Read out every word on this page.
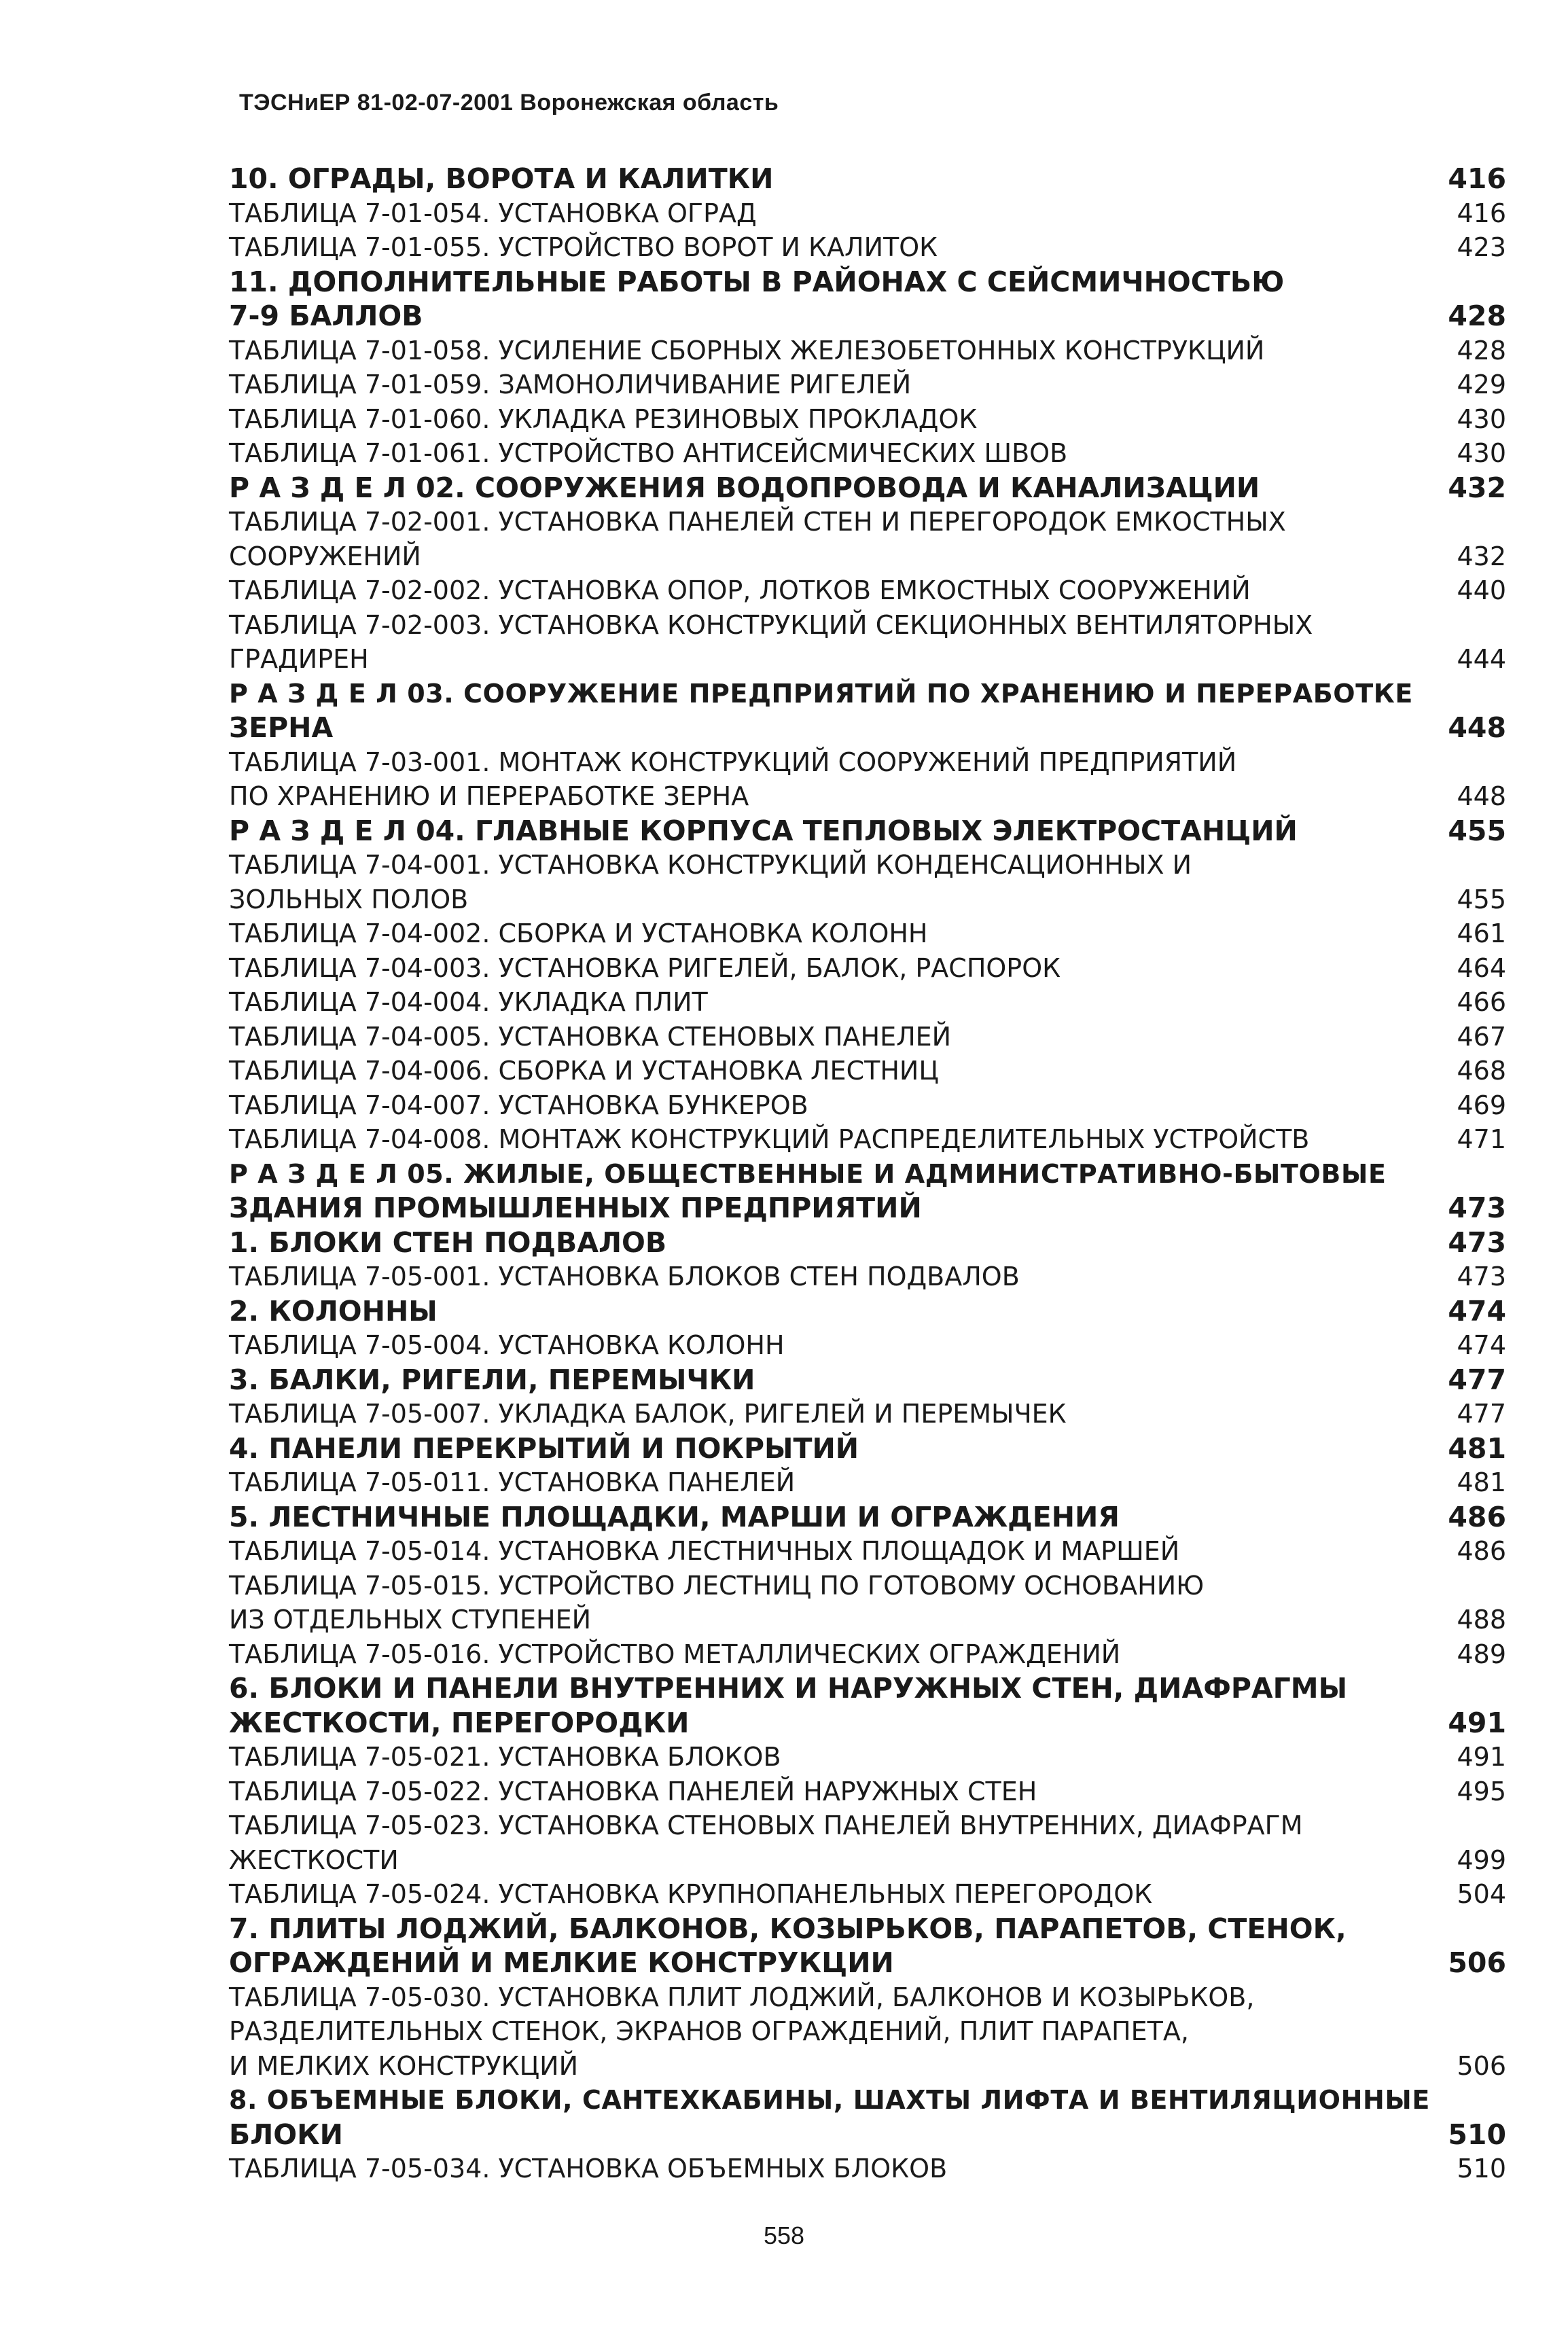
ТЭСНиЕР 81-02-07-2001 Воронежская область
10. ОГРАДЫ, ВОРОТА И КАЛИТКИ	416
ТАБЛИЦА 7-01-054. УСТАНОВКА ОГРАД	416
ТАБЛИЦА 7-01-055. УСТРОЙСТВО ВОРОТ И КАЛИТОК	423
11. ДОПОЛНИТЕЛЬНЫЕ РАБОТЫ В РАЙОНАХ С СЕЙСМИЧНОСТЬЮ
7-9 БАЛЛОВ	428
ТАБЛИЦА 7-01-058. УСИЛЕНИЕ СБОРНЫХ ЖЕЛЕЗОБЕТОННЫХ КОНСТРУКЦИЙ	428
ТАБЛИЦА 7-01-059. ЗАМОНОЛИЧИВАНИЕ РИГЕЛЕЙ	429
ТАБЛИЦА 7-01-060. УКЛАДКА РЕЗИНОВЫХ ПРОКЛАДОК	430
ТАБЛИЦА 7-01-061. УСТРОЙСТВО АНТИСЕЙСМИЧЕСКИХ ШВОВ	430
Р А З Д Е Л 02. СООРУЖЕНИЯ ВОДОПРОВОДА И КАНАЛИЗАЦИИ	432
ТАБЛИЦА 7-02-001. УСТАНОВКА ПАНЕЛЕЙ СТЕН И ПЕРЕГОРОДОК ЕМКОСТНЫХ
СООРУЖЕНИЙ	432
ТАБЛИЦА 7-02-002. УСТАНОВКА ОПОР, ЛОТКОВ ЕМКОСТНЫХ СООРУЖЕНИЙ	440
ТАБЛИЦА 7-02-003. УСТАНОВКА КОНСТРУКЦИЙ СЕКЦИОННЫХ ВЕНТИЛЯТОРНЫХ
ГРАДИРЕН	444
Р А З Д Е Л 03. СООРУЖЕНИЕ ПРЕДПРИЯТИЙ ПО ХРАНЕНИЮ И ПЕРЕРАБОТКЕ
ЗЕРНА	448
ТАБЛИЦА 7-03-001. МОНТАЖ КОНСТРУКЦИЙ СООРУЖЕНИЙ ПРЕДПРИЯТИЙ
ПО ХРАНЕНИЮ И ПЕРЕРАБОТКЕ ЗЕРНА	448
Р А З Д Е Л 04. ГЛАВНЫЕ КОРПУСА ТЕПЛОВЫХ ЭЛЕКТРОСТАНЦИЙ	455
ТАБЛИЦА 7-04-001. УСТАНОВКА КОНСТРУКЦИЙ КОНДЕНСАЦИОННЫХ И
ЗОЛЬНЫХ ПОЛОВ	455
ТАБЛИЦА 7-04-002. СБОРКА И УСТАНОВКА КОЛОНН	461
ТАБЛИЦА 7-04-003. УСТАНОВКА РИГЕЛЕЙ, БАЛОК, РАСПОРОК	464
ТАБЛИЦА 7-04-004. УКЛАДКА ПЛИТ	466
ТАБЛИЦА 7-04-005. УСТАНОВКА СТЕНОВЫХ ПАНЕЛЕЙ	467
ТАБЛИЦА 7-04-006. СБОРКА И УСТАНОВКА ЛЕСТНИЦ	468
ТАБЛИЦА 7-04-007. УСТАНОВКА БУНКЕРОВ	469
ТАБЛИЦА 7-04-008. МОНТАЖ КОНСТРУКЦИЙ РАСПРЕДЕЛИТЕЛЬНЫХ УСТРОЙСТВ	471
Р А З Д Е Л 05. ЖИЛЫЕ, ОБЩЕСТВЕННЫЕ И АДМИНИСТРАТИВНО-БЫТОВЫЕ
ЗДАНИЯ ПРОМЫШЛЕННЫХ ПРЕДПРИЯТИЙ	473
1. БЛОКИ СТЕН ПОДВАЛОВ	473
ТАБЛИЦА 7-05-001. УСТАНОВКА БЛОКОВ СТЕН ПОДВАЛОВ	473
2. КОЛОННЫ	474
ТАБЛИЦА 7-05-004. УСТАНОВКА КОЛОНН	474
3. БАЛКИ, РИГЕЛИ, ПЕРЕМЫЧКИ	477
ТАБЛИЦА 7-05-007. УКЛАДКА БАЛОК, РИГЕЛЕЙ И ПЕРЕМЫЧЕК	477
4. ПАНЕЛИ ПЕРЕКРЫТИЙ И ПОКРЫТИЙ	481
ТАБЛИЦА 7-05-011. УСТАНОВКА ПАНЕЛЕЙ	481
5. ЛЕСТНИЧНЫЕ ПЛОЩАДКИ, МАРШИ И ОГРАЖДЕНИЯ	486
ТАБЛИЦА 7-05-014. УСТАНОВКА ЛЕСТНИЧНЫХ ПЛОЩАДОК И МАРШЕЙ	486
ТАБЛИЦА 7-05-015. УСТРОЙСТВО ЛЕСТНИЦ ПО ГОТОВОМУ ОСНОВАНИЮ
ИЗ ОТДЕЛЬНЫХ СТУПЕНЕЙ	488
ТАБЛИЦА 7-05-016. УСТРОЙСТВО МЕТАЛЛИЧЕСКИХ ОГРАЖДЕНИЙ	489
6. БЛОКИ И ПАНЕЛИ ВНУТРЕННИХ И НАРУЖНЫХ СТЕН, ДИАФРАГМЫ
ЖЕСТКОСТИ, ПЕРЕГОРОДКИ	491
ТАБЛИЦА 7-05-021. УСТАНОВКА БЛОКОВ	491
ТАБЛИЦА 7-05-022. УСТАНОВКА ПАНЕЛЕЙ НАРУЖНЫХ СТЕН	495
ТАБЛИЦА 7-05-023. УСТАНОВКА СТЕНОВЫХ ПАНЕЛЕЙ ВНУТРЕННИХ, ДИАФРАГМ
ЖЕСТКОСТИ	499
ТАБЛИЦА 7-05-024. УСТАНОВКА КРУПНОПАНЕЛЬНЫХ ПЕРЕГОРОДОК	504
7. ПЛИТЫ ЛОДЖИЙ, БАЛКОНОВ, КОЗЫРЬКОВ, ПАРАПЕТОВ, СТЕНОК,
ОГРАЖДЕНИЙ И МЕЛКИЕ КОНСТРУКЦИИ	506
ТАБЛИЦА 7-05-030. УСТАНОВКА ПЛИТ ЛОДЖИЙ, БАЛКОНОВ И КОЗЫРЬКОВ,
РАЗДЕЛИТЕЛЬНЫХ СТЕНОК, ЭКРАНОВ ОГРАЖДЕНИЙ, ПЛИТ ПАРАПЕТА,
И МЕЛКИХ КОНСТРУКЦИЙ	506
8. ОБЪЕМНЫЕ БЛОКИ, САНТЕХКАБИНЫ, ШАХТЫ ЛИФТА И ВЕНТИЛЯЦИОННЫЕ
БЛОКИ	510
ТАБЛИЦА 7-05-034. УСТАНОВКА ОБЪЕМНЫХ БЛОКОВ	510
558
